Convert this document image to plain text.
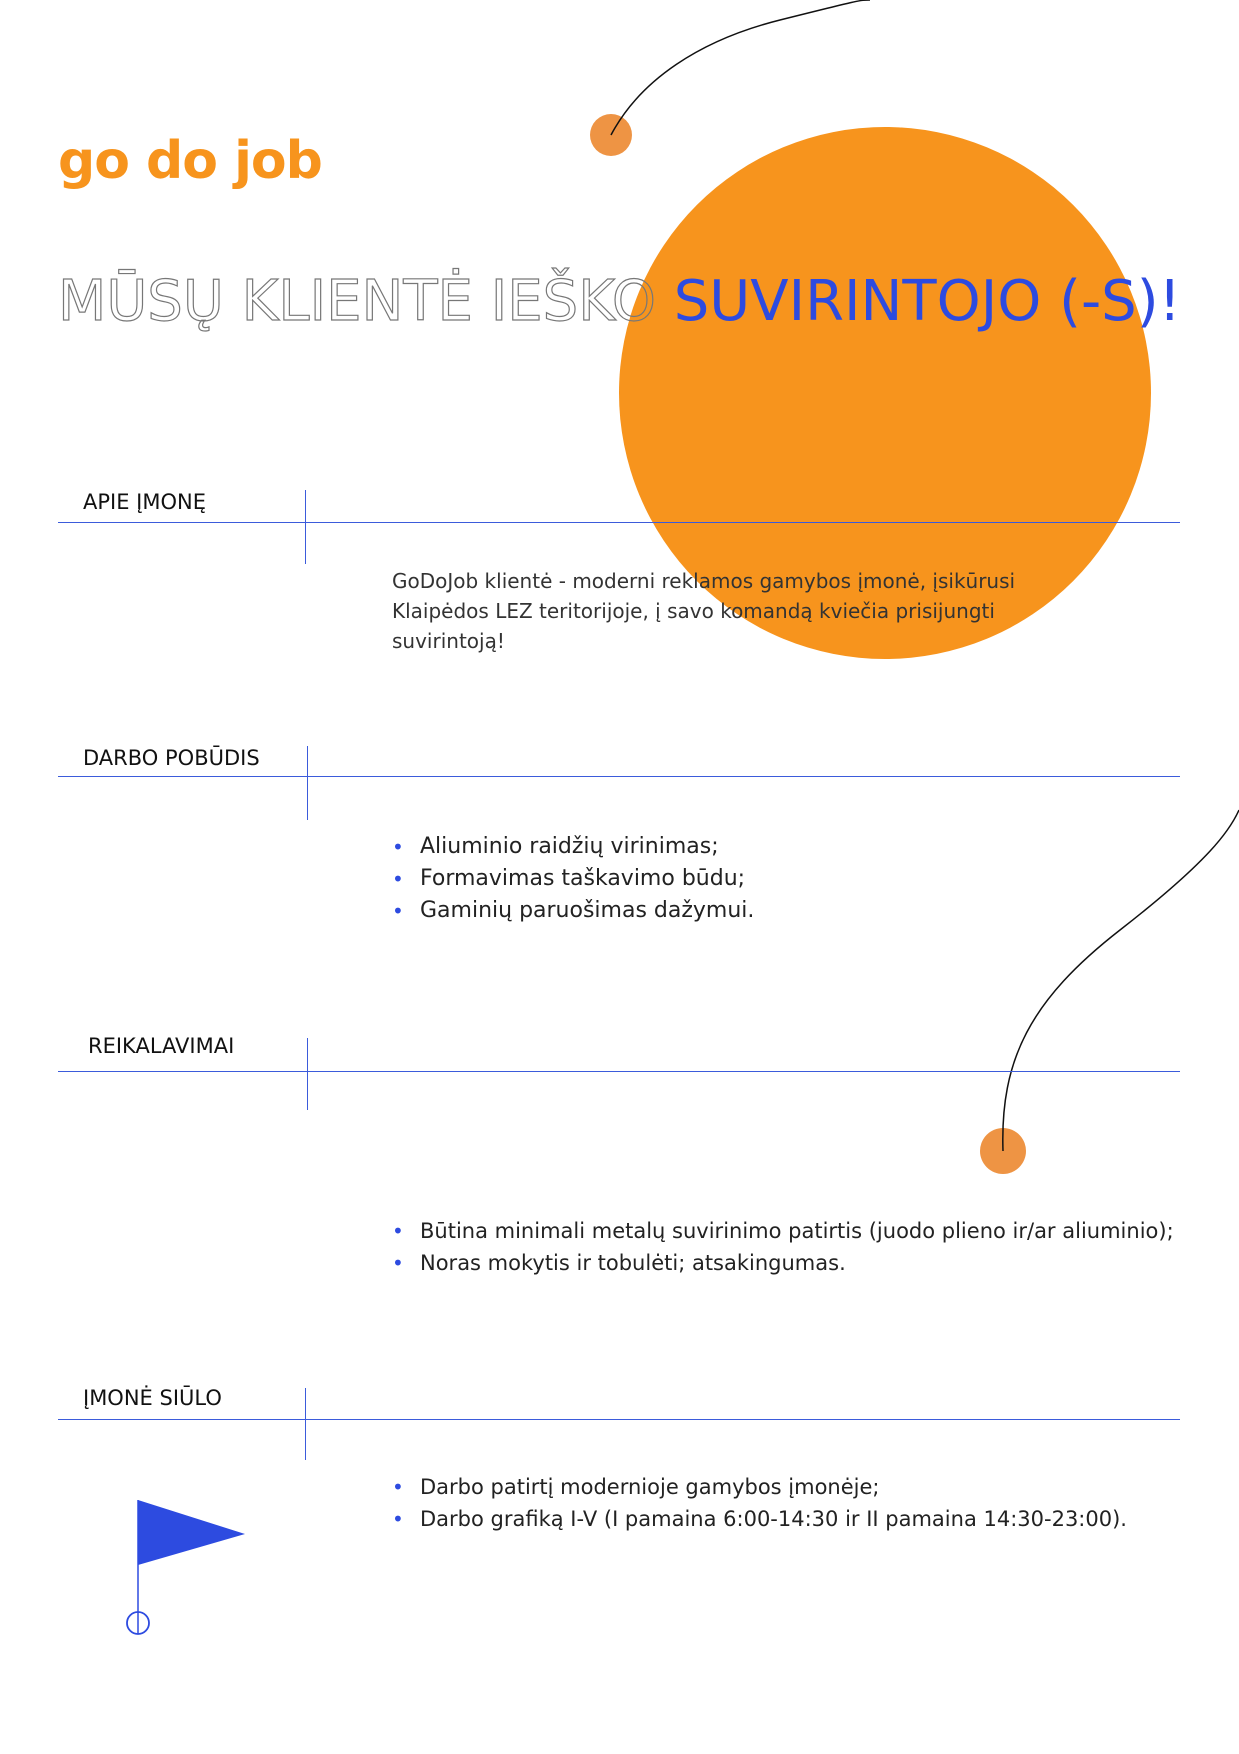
go do job
MŪSŲ KLIENTĖ IEŠKO SUVIRINTOJO (-S)!
APIE ĮMONĘ
GoDoJob klientė - moderni reklamos gamybos įmonė, įsikūrusi Klaipėdos LEZ teritorijoje, į savo komandą kviečia prisijungti suvirintoją!
DARBO POBŪDIS
• Aliuminio raidžių virinimas;
• Formavimas taškavimo būdu;
• Gaminių paruošimas dažymui.
REIKALAVIMAI
• Būtina minimali metalų suvirinimo patirtis (juodo plieno ir/ar aliuminio);
• Noras mokytis ir tobulėti; atsakingumas.
ĮMONĖ SIŪLO
• Darbo patirtį modernioje gamybos įmonėje;
• Darbo grafiką I-V (I pamaina 6:00-14:30 ir II pamaina 14:30-23:00).
